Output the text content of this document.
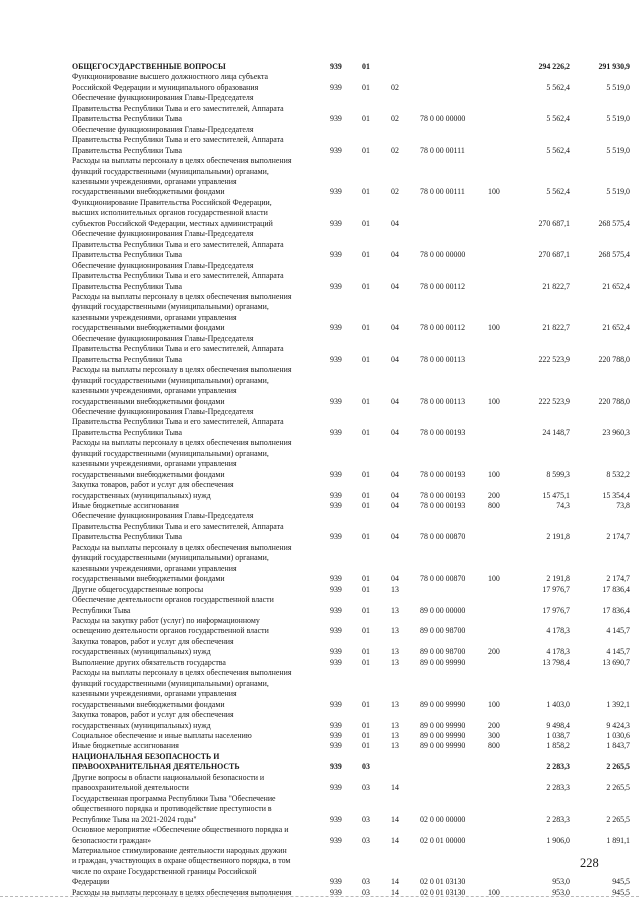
ОБЩЕГОСУДАРСТВЕННЫЕ ВОПРОСЫ	939	01	294 226,2	291 930,9
Функционирование высшего должностного лица субъекта
Российской Федерации и муниципального образования	939	01	02	5 562,4	5 519,0
Обеспечение функционирования Главы-Председателя
Правительства Республики Тыва и его заместителей, Аппарата
Правительства Республики Тыва	939	01	02	78 0 00 00000	5 562,4	5 519,0
Обеспечение функционирования Главы-Председателя
Правительства Республики Тыва и его заместителей, Аппарата
Правительства Республики Тыва	939	01	02	78 0 00 00111	5 562,4	5 519,0
Расходы на выплаты персоналу в целях обеспечения выполнения
функций государственными (муниципальными) органами,
казенными учреждениями, органами управления
государственными внебюджетными фондами	939	01	02	78 0 00 00111	100	5 562,4	5 519,0
Функционирование Правительства Российской Федерации,
высших исполнительных органов государственной власти
субъектов Российской Федерации, местных администраций	939	01	04	270 687,1	268 575,4
Обеспечение функционирования Главы-Председателя
Правительства Республики Тыва и его заместителей, Аппарата
Правительства Республики Тыва	939	01	04	78 0 00 00000	270 687,1	268 575,4
Обеспечение функционирования Главы-Председателя
Правительства Республики Тыва и его заместителей, Аппарата
Правительства Республики Тыва	939	01	04	78 0 00 00112	21 822,7	21 652,4
Расходы на выплаты персоналу в целях обеспечения выполнения
функций государственными (муниципальными) органами,
казенными учреждениями, органами управления
государственными внебюджетными фондами	939	01	04	78 0 00 00112	100	21 822,7	21 652,4
Обеспечение функционирования Главы-Председателя
Правительства Республики Тыва и его заместителей, Аппарата
Правительства Республики Тыва	939	01	04	78 0 00 00113	222 523,9	220 788,0
Расходы на выплаты персоналу в целях обеспечения выполнения
функций государственными (муниципальными) органами,
казенными учреждениями, органами управления
государственными внебюджетными фондами	939	01	04	78 0 00 00113	100	222 523,9	220 788,0
Обеспечение функционирования Главы-Председателя
Правительства Республики Тыва и его заместителей, Аппарата
Правительства Республики Тыва	939	01	04	78 0 00 00193	24 148,7	23 960,3
Расходы на выплаты персоналу в целях обеспечения выполнения
функций государственными (муниципальными) органами,
казенными учреждениями, органами управления
государственными внебюджетными фондами	939	01	04	78 0 00 00193	100	8 599,3	8 532,2
Закупка товаров, работ и услуг для обеспечения
государственных (муниципальных) нужд	939	01	04	78 0 00 00193	200	15 475,1	15 354,4
Иные бюджетные ассигнования	939	01	04	78 0 00 00193	800	74,3	73,8
Обеспечение функционирования Главы-Председателя
Правительства Республики Тыва и его заместителей, Аппарата
Правительства Республики Тыва	939	01	04	78 0 00 00870	2 191,8	2 174,7
Расходы на выплаты персоналу в целях обеспечения выполнения
функций государственными (муниципальными) органами,
казенными учреждениями, органами управления
государственными внебюджетными фондами	939	01	04	78 0 00 00870	100	2 191,8	2 174,7
Другие общегосударственные вопросы	939	01	13	17 976,7	17 836,4
Обеспечение деятельности органов государственной власти
Республики Тыва	939	01	13	89 0 00 00000	17 976,7	17 836,4
Расходы на закупку работ (услуг) по информационному
освещению деятельности органов государственной власти	939	01	13	89 0 00 98700	4 178,3	4 145,7
Закупка товаров, работ и услуг для обеспечения
государственных (муниципальных) нужд	939	01	13	89 0 00 98700	200	4 178,3	4 145,7
Выполнение других обязательств государства	939	01	13	89 0 00 99990	13 798,4	13 690,7
Расходы на выплаты персоналу в целях обеспечения выполнения
функций государственными (муниципальными) органами,
казенными учреждениями, органами управления
государственными внебюджетными фондами	939	01	13	89 0 00 99990	100	1 403,0	1 392,1
Закупка товаров, работ и услуг для обеспечения
государственных (муниципальных) нужд	939	01	13	89 0 00 99990	200	9 498,4	9 424,3
Социальное обеспечение и иные выплаты населению	939	01	13	89 0 00 99990	300	1 038,7	1 030,6
Иные бюджетные ассигнования	939	01	13	89 0 00 99990	800	1 858,2	1 843,7
НАЦИОНАЛЬНАЯ БЕЗОПАСНОСТЬ И
ПРАВООХРАНИТЕЛЬНАЯ ДЕЯТЕЛЬНОСТЬ	939	03	2 283,3	2 265,5
Другие вопросы в области национальной безопасности и
правоохранительной деятельности	939	03	14	2 283,3	2 265,5
Государственная программа Республики Тыва "Обеспечение
общественного порядка и противодействие преступности в
Республике Тыва на 2021-2024 годы"	939	03	14	02 0 00 00000	2 283,3	2 265,5
Основное мероприятие «Обеспечение общественного порядка и
безопасности граждан»	939	03	14	02 0 01 00000	1 906,0	1 891,1
Материальное стимулирование деятельности народных дружин
и граждан, участвующих в охране общественного порядка, в том
числе по охране Государственной границы Российской
Федерации	939	03	14	02 0 01 03130	953,0	945,5
Расходы на выплаты персоналу в целях обеспечения выполнения	939	03	14	02 0 01 03130	100	953,0	945,5
228
